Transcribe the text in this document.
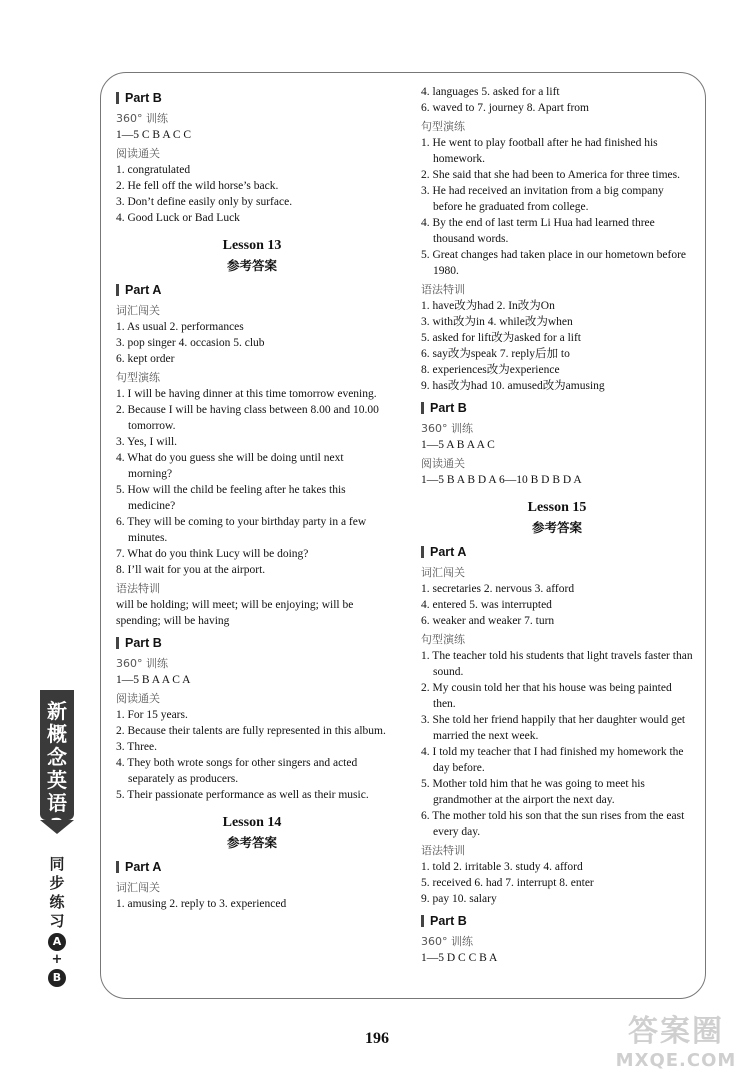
Part B
360° 训练
1—5 C B A C C
阅读通关
1. congratulated
2. He fell off the wild horse’s back.
3. Don’t define easily only by surface.
4. Good Luck or Bad Luck
Lesson 13
参考答案
Part A
词汇闯关
1. As usual 2. performances
3. pop singer 4. occasion 5. club
6. kept order
句型演练
1. I will be having dinner at this time tomorrow evening.
2. Because I will be having class between 8.00 and 10.00 tomorrow.
3. Yes, I will.
4. What do you guess she will be doing until next morning?
5. How will the child be feeling after he takes this medicine?
6. They will be coming to your birthday party in a few minutes.
7. What do you think Lucy will be doing?
8. I’ll wait for you at the airport.
语法特训
will be holding; will meet; will be enjoying; will be spending; will be having
Part B
360° 训练
1—5 B A A C A
阅读通关
1. For 15 years.
2. Because their talents are fully represented in this album.
3. Three.
4. They both wrote songs for other singers and acted separately as producers.
5. Their passionate performance as well as their music.
Lesson 14
参考答案
Part A
词汇闯关
1. amusing 2. reply to 3. experienced
4. languages 5. asked for a lift
6. waved to 7. journey 8. Apart from
句型演练
1. He went to play football after he had finished his homework.
2. She said that she had been to America for three times.
3. He had received an invitation from a big company before he graduated from college.
4. By the end of last term Li Hua had learned three thousand words.
5. Great changes had taken place in our hometown before 1980.
语法特训
1. have改为had 2. In改为On
3. with改为in 4. while改为when
5. asked for lift改为asked for a lift
6. say改为speak 7. reply后加 to
8. experiences改为experience
9. has改为had 10. amused改为amusing
Part B
360° 训练
1—5 A B A A C
阅读通关
1—5 B A B D A 6—10 B D B D A
Lesson 15
参考答案
Part A
词汇闯关
1. secretaries 2. nervous 3. afford
4. entered 5. was interrupted
6. weaker and weaker 7. turn
句型演练
1. The teacher told his students that light travels faster than sound.
2. My cousin told her that his house was being painted then.
3. She told her friend happily that her daughter would get married the next week.
4. I told my teacher that I had finished my homework the day before.
5. Mother told him that he was going to meet his grandmother at the airport the next day.
6. The mother told his son that the sun rises from the east every day.
语法特训
1. told 2. irritable 3. study 4. afford
5. received 6. had 7. interrupt 8. enter
9. pay 10. salary
Part B
360° 训练
1—5 D C C B A
新概念英语2
同步练习
A
+
B
196	答案圈
MXQE.COM
